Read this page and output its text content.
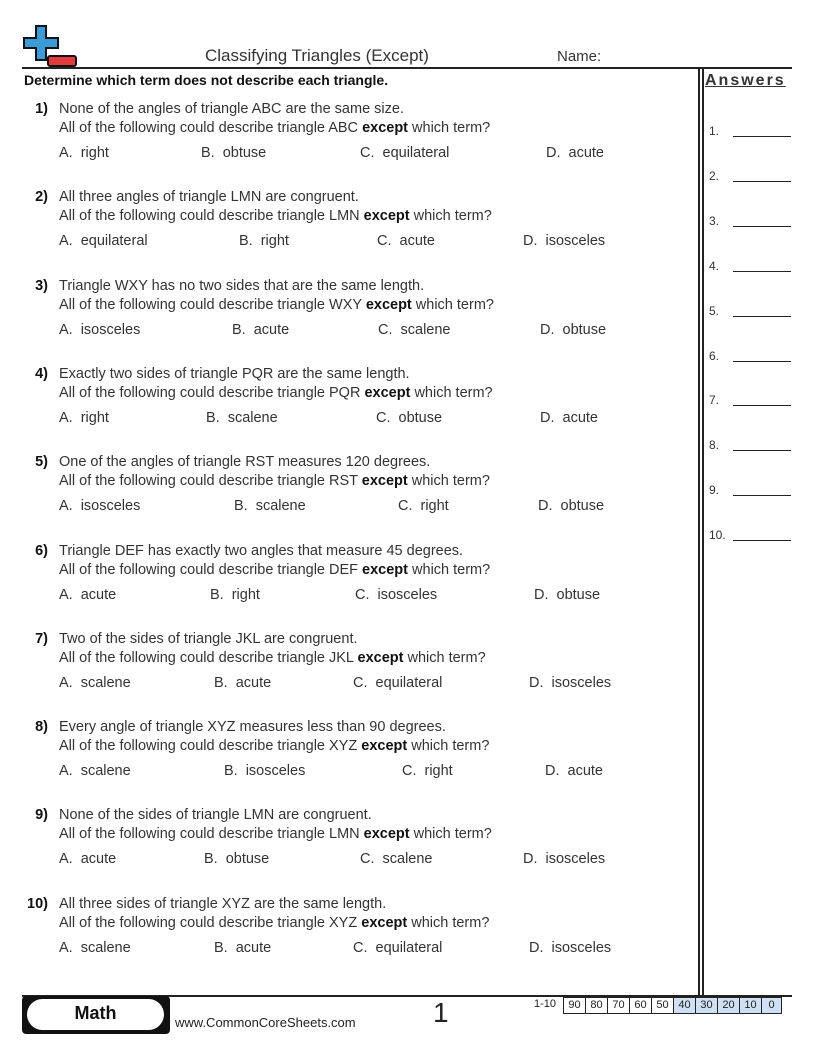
Classifying Triangles (Except)	Name:
Determine which term does not describe each triangle.
1) None of the angles of triangle ABC are the same size.
All of the following could describe triangle ABC except which term?
A. right	B. obtuse	C. equilateral	D. acute
2) All three angles of triangle LMN are congruent.
All of the following could describe triangle LMN except which term?
A. equilateral	B. right	C. acute	D. isosceles
3) Triangle WXY has no two sides that are the same length.
All of the following could describe triangle WXY except which term?
A. isosceles	B. acute	C. scalene	D. obtuse
4) Exactly two sides of triangle PQR are the same length.
All of the following could describe triangle PQR except which term?
A. right	B. scalene	C. obtuse	D. acute
5) One of the angles of triangle RST measures 120 degrees.
All of the following could describe triangle RST except which term?
A. isosceles	B. scalene	C. right	D. obtuse
6) Triangle DEF has exactly two angles that measure 45 degrees.
All of the following could describe triangle DEF except which term?
A. acute	B. right	C. isosceles	D. obtuse
7) Two of the sides of triangle JKL are congruent.
All of the following could describe triangle JKL except which term?
A. scalene	B. acute	C. equilateral	D. isosceles
8) Every angle of triangle XYZ measures less than 90 degrees.
All of the following could describe triangle XYZ except which term?
A. scalene	B. isosceles	C. right	D. acute
9) None of the sides of triangle LMN are congruent.
All of the following could describe triangle LMN except which term?
A. acute	B. obtuse	C. scalene	D. isosceles
10) All three sides of triangle XYZ are the same length.
All of the following could describe triangle XYZ except which term?
A. scalene	B. acute	C. equilateral	D. isosceles
Answers
1.
2.
3.
4.
5.
6.
7.
8.
9.
10.
Math	www.CommonCoreSheets.com	1	1-10	90 80 70 60 50 40 30 20 10	0
